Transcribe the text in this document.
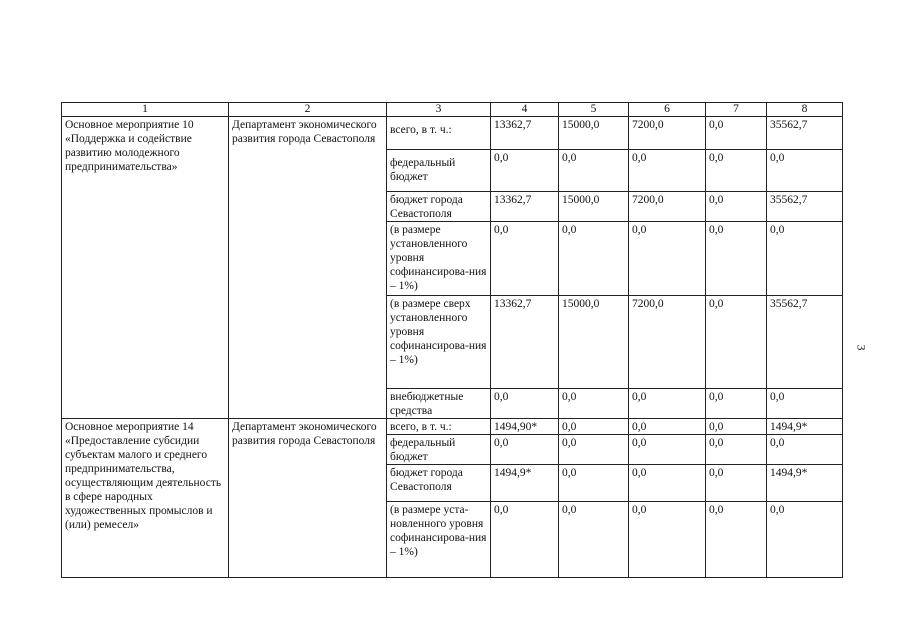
1	2	3	4	5	6	7	8
Основное мероприятие 10 «Поддержка и содействие развитию молодежного предпринимательства»	Департамент экономического развития города Севастополя	всего, в т. ч.:	13362,7	15000,0	7200,0	0,0	35562,7
		федеральный бюджет	0,0	0,0	0,0	0,0	0,0
		бюджет города Севастополя	13362,7	15000,0	7200,0	0,0	35562,7
		(в размере установленного уровня софинансирова-ния – 1%)	0,0	0,0	0,0	0,0	0,0
		(в размере сверх установленного уровня софинансирова-ния – 1%)	13362,7	15000,0	7200,0	0,0	35562,7
		внебюджетные средства	0,0	0,0	0,0	0,0	0,0
Основное мероприятие 14 «Предоставление субсидии субъектам малого и среднего предпринимательства, осуществляющим деятельность в сфере народных художественных промыслов и (или) ремесел»	Департамент экономического развития города Севастополя	всего, в т. ч.:	1494,90*	0,0	0,0	0,0	1494,9*
		федеральный бюджет	0,0	0,0	0,0	0,0	0,0
		бюджет города Севастополя	1494,9*	0,0	0,0	0,0	1494,9*
		(в размере уста-новленного уровня софинансирова-ния – 1%)	0,0	0,0	0,0	0,0	0,0
3
